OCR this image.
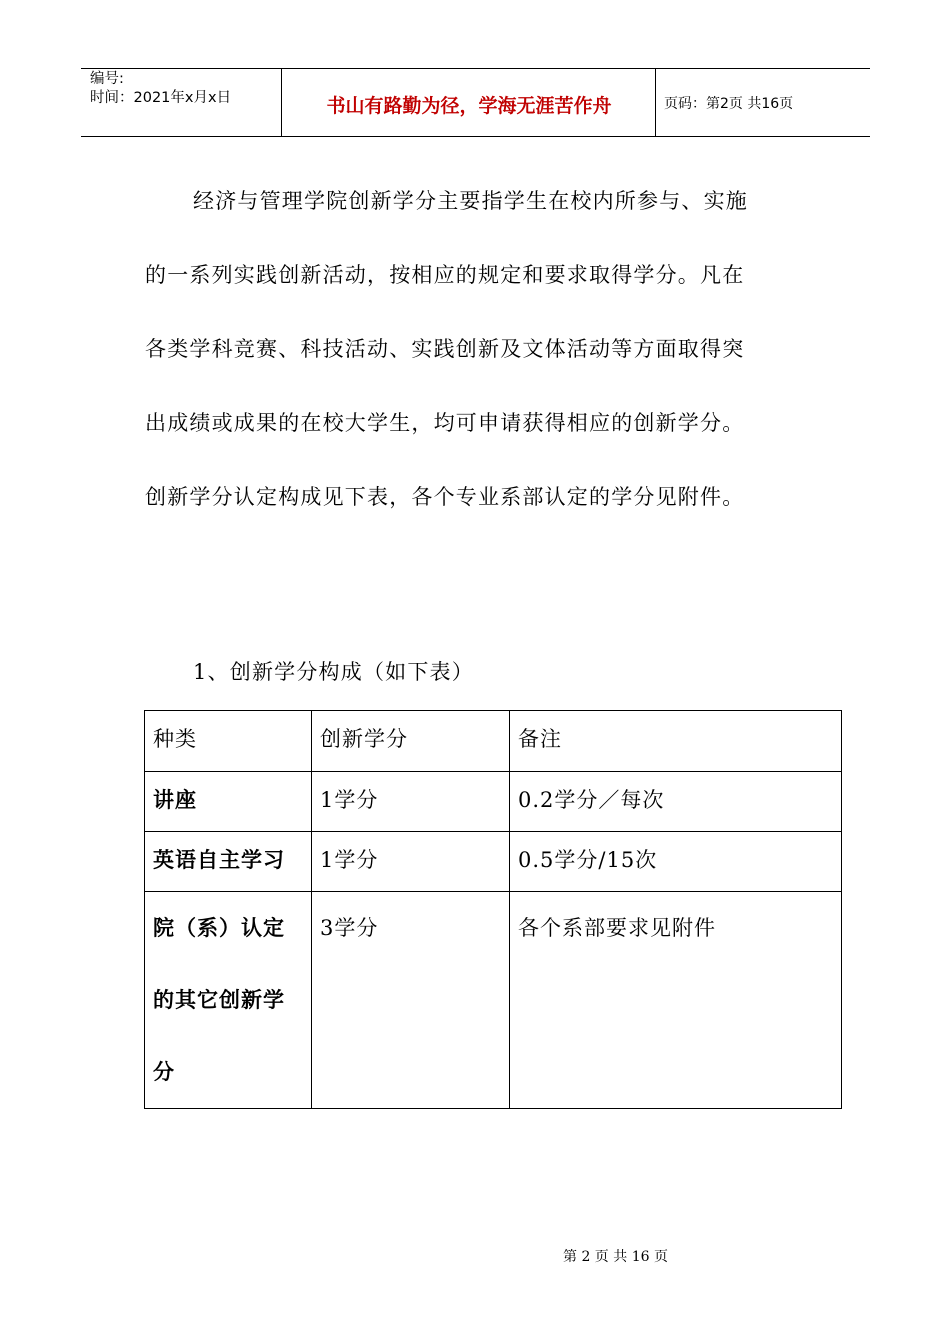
编号:
时间：2021年x月x日	书山有路勤为径，学海无涯苦作舟	页码：第2页 共16页

经济与管理学院创新学分主要指学生在校内所参与、实施

的一系列实践创新活动，按相应的规定和要求取得学分。凡在

各类学科竞赛、科技活动、实践创新及文体活动等方面取得突

出成绩或成果的在校大学生，均可申请获得相应的创新学分。

创新学分认定构成见下表，各个专业系部认定的学分见附件。

1、创新学分构成（如下表）
种类	创新学分	备注
讲座	1学分	0.2学分／每次
英语自主学习	1学分	0.5学分/15次
院（系）认定的其它创新学分	3学分	各个系部要求见附件
第 2 页 共 16 页
